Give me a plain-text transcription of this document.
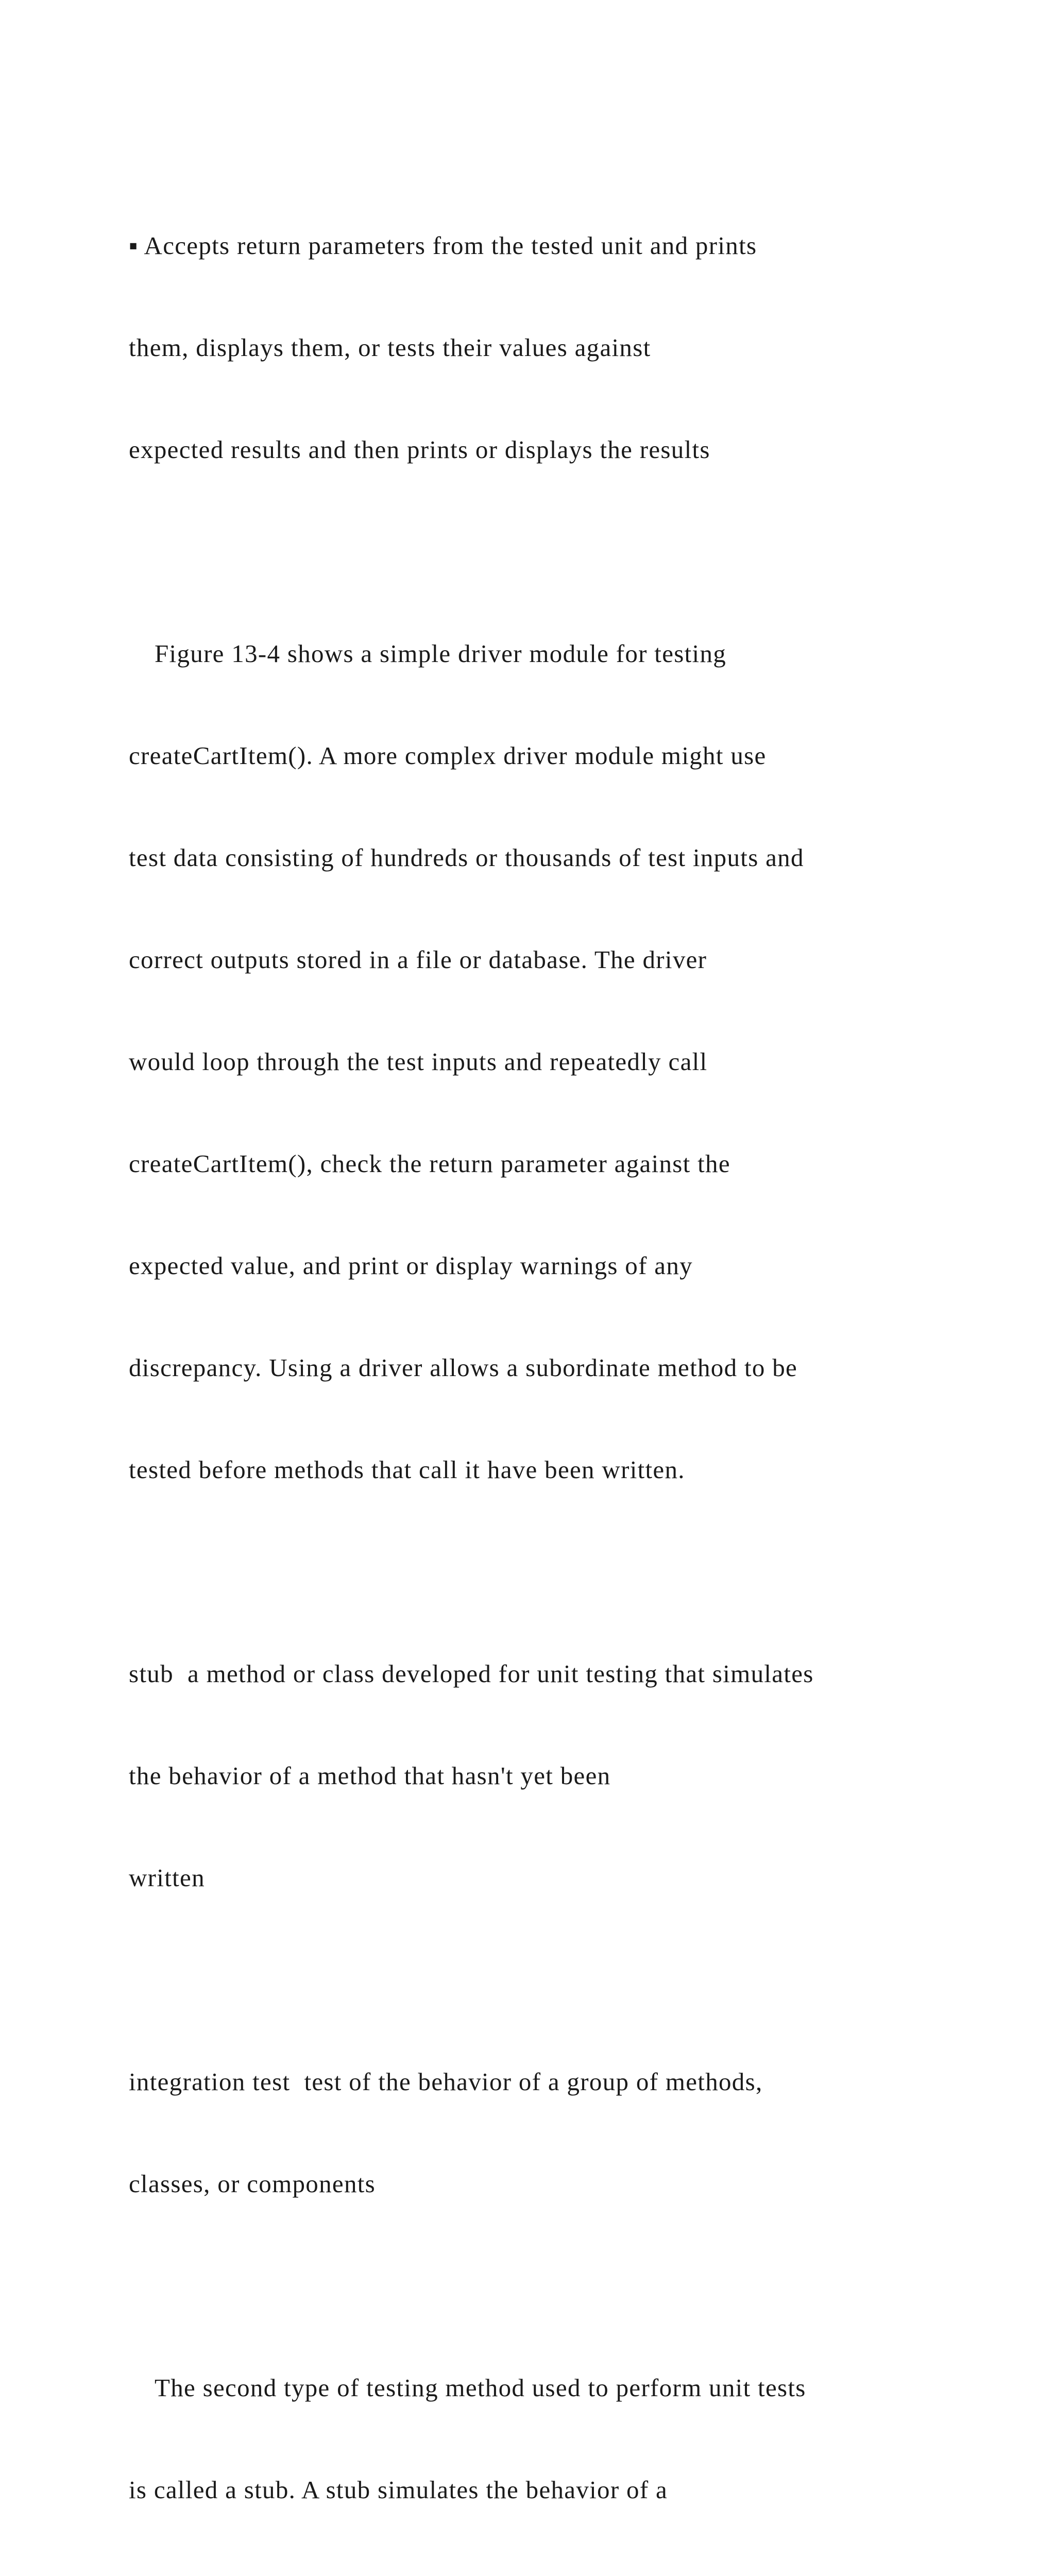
▪ Accepts return parameters from the tested unit and prints

them, displays them, or tests their values against

expected results and then prints or displays the results

Figure 13-4 shows a simple driver module for testing

createCartItem(). A more complex driver module might use

test data consisting of hundreds or thousands of test inputs and

correct outputs stored in a file or database. The driver

would loop through the test inputs and repeatedly call

createCartItem(), check the return parameter against the

expected value, and print or display warnings of any

discrepancy. Using a driver allows a subordinate method to be

tested before methods that call it have been written.

stub  a method or class developed for unit testing that simulates

the behavior of a method that hasn't yet been

written

integration test  test of the behavior of a group of methods,

classes, or components

The second type of testing method used to perform unit tests

is called a stub. A stub simulates the behavior of a
